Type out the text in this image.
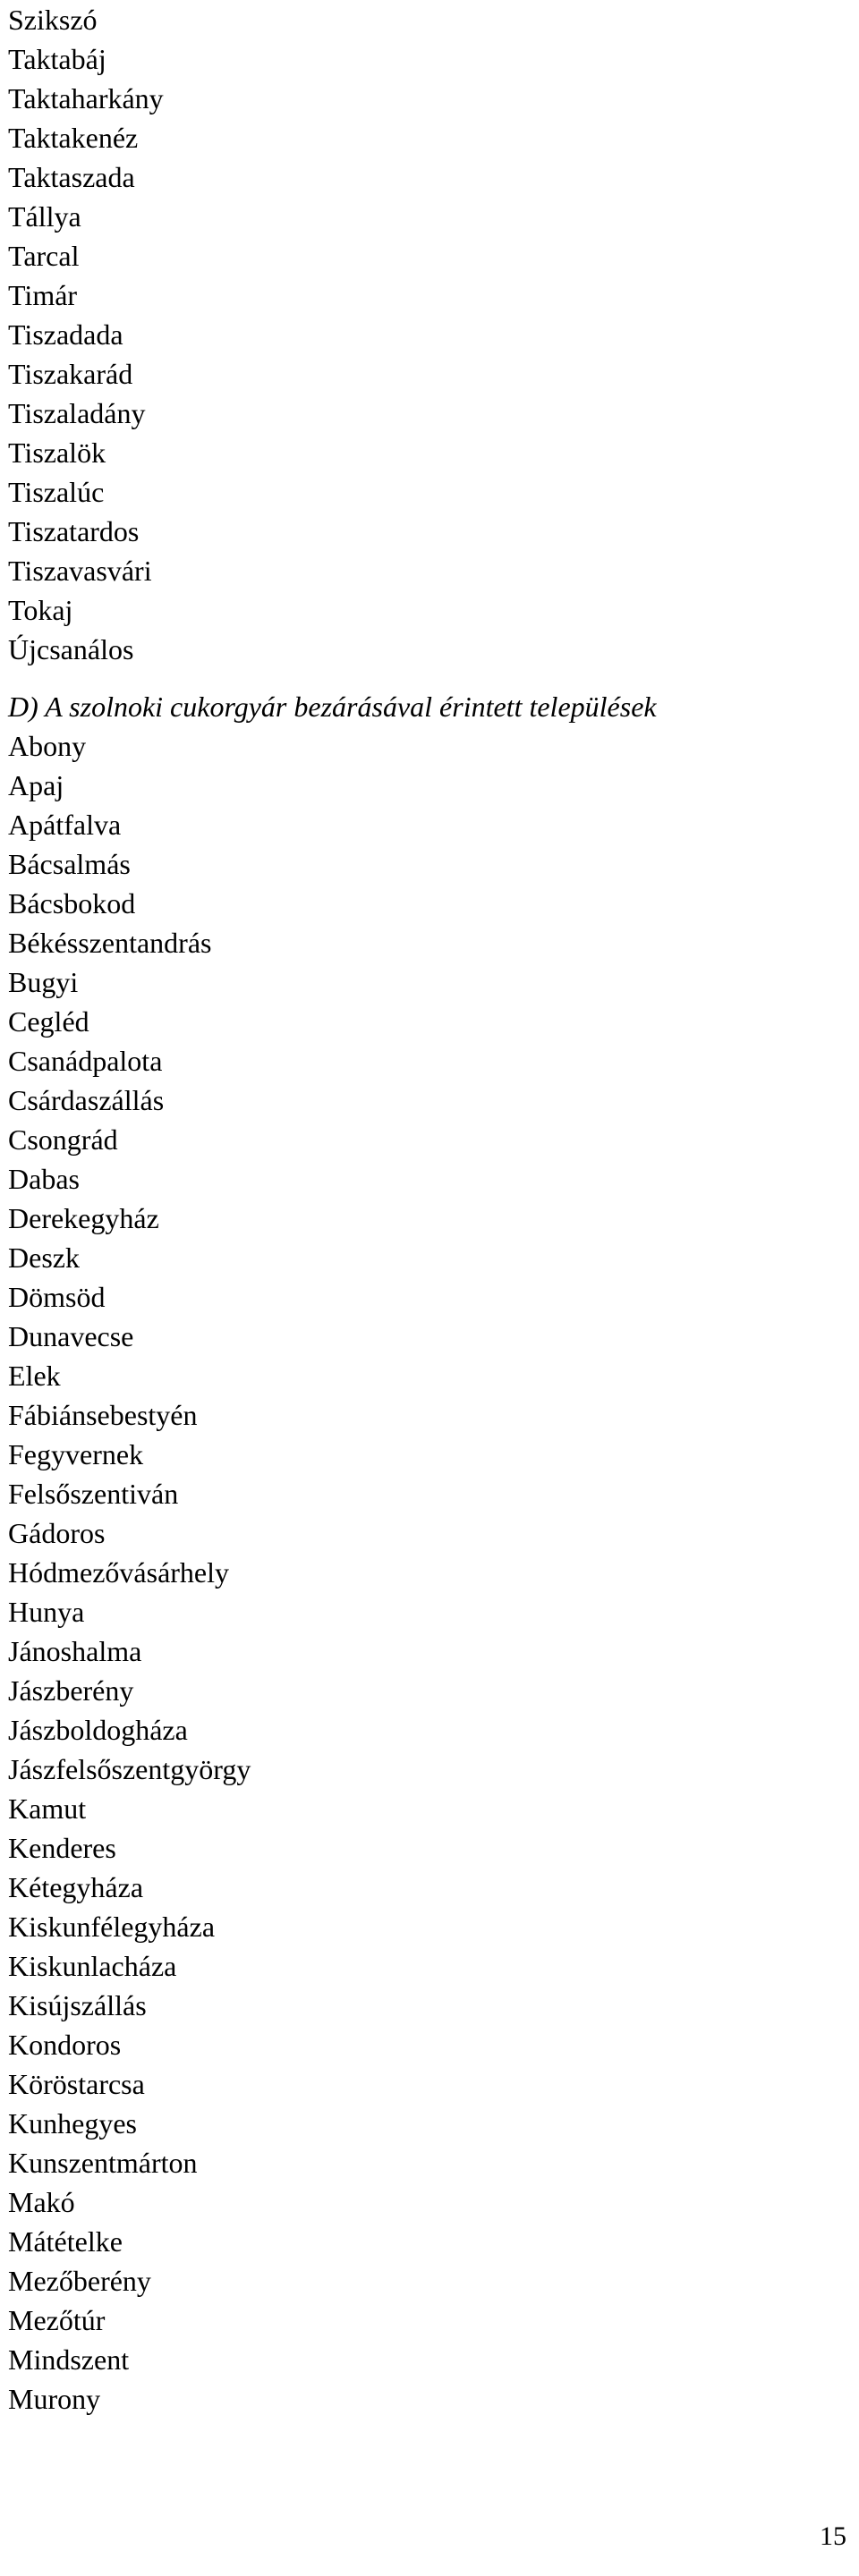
Szikszó
Taktabáj
Taktaharkány
Taktakenéz
Taktaszada
Tállya
Tarcal
Timár
Tiszadada
Tiszakarád
Tiszaladány
Tiszalök
Tiszalúc
Tiszatardos
Tiszavasvári
Tokaj
Újcsanálos
D) A szolnoki cukorgyár bezárásával érintett települések
Abony
Apaj
Apátfalva
Bácsalmás
Bácsbokod
Békésszentandrás
Bugyi
Cegléd
Csanádpalota
Csárdaszállás
Csongrád
Dabas
Derekegyház
Deszk
Dömsöd
Dunavecse
Elek
Fábiánsebestyén
Fegyvernek
Felsőszentiván
Gádoros
Hódmezővásárhely
Hunya
Jánoshalma
Jászberény
Jászboldogháza
Jászfelsőszentgyörgy
Kamut
Kenderes
Kétegyháza
Kiskunfélegyháza
Kiskunlacháza
Kisújszállás
Kondoros
Köröstarcsa
Kunhegyes
Kunszentmárton
Makó
Mátételke
Mezőberény
Mezőtúr
Mindszent
Murony
15
